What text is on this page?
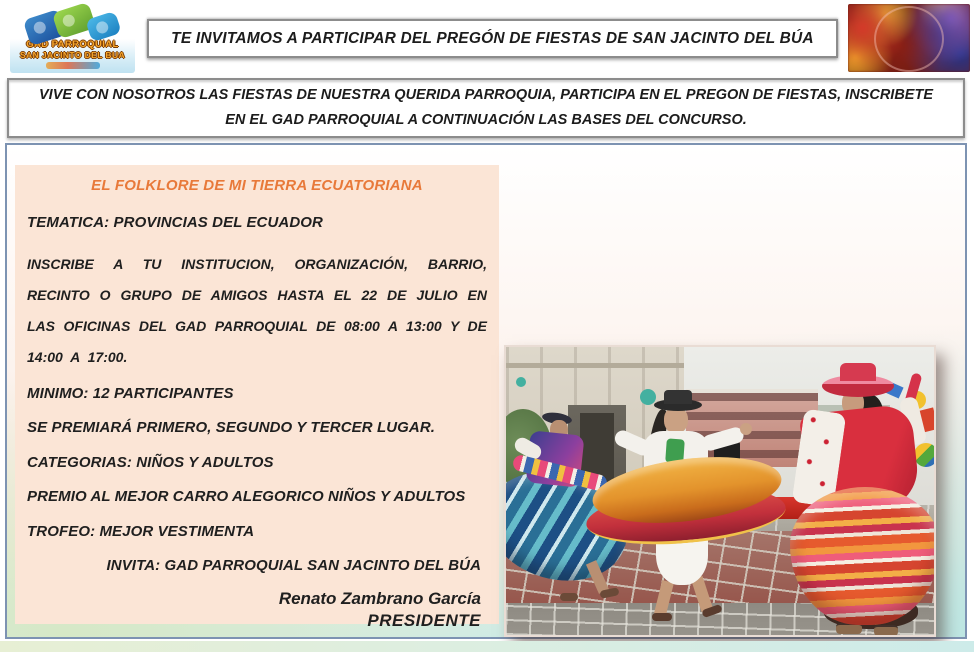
GAD PARROQUIAL
SAN JACINTO DEL BUA
TE INVITAMOS A PARTICIPAR DEL PREGÓN DE FIESTAS DE SAN JACINTO DEL BÚA
VIVE CON NOSOTROS LAS FIESTAS DE NUESTRA QUERIDA PARROQUIA, PARTICIPA EN EL PREGON DE FIESTAS, INSCRIBETE EN EL GAD PARROQUIAL A CONTINUACIÓN LAS BASES DEL CONCURSO.
EL FOLKLORE DE MI TIERRA ECUATORIANA

TEMATICA: PROVINCIAS DEL ECUADOR

INSCRIBE A TU INSTITUCION, ORGANIZACIÓN, BARRIO, RECINTO O GRUPO DE AMIGOS HASTA EL 22 DE JULIO EN LAS OFICINAS DEL GAD PARROQUIAL DE 08:00 A 13:00 Y DE 14:00 A 17:00.

MINIMO: 12 PARTICIPANTES

SE PREMIARÁ PRIMERO, SEGUNDO Y TERCER LUGAR.

CATEGORIAS: NIÑOS Y ADULTOS

PREMIO AL MEJOR CARRO ALEGORICO NIÑOS Y ADULTOS

TROFEO: MEJOR VESTIMENTA

INVITA: GAD PARROQUIAL SAN JACINTO DEL BÚA

Renato Zambrano García

PRESIDENTE
